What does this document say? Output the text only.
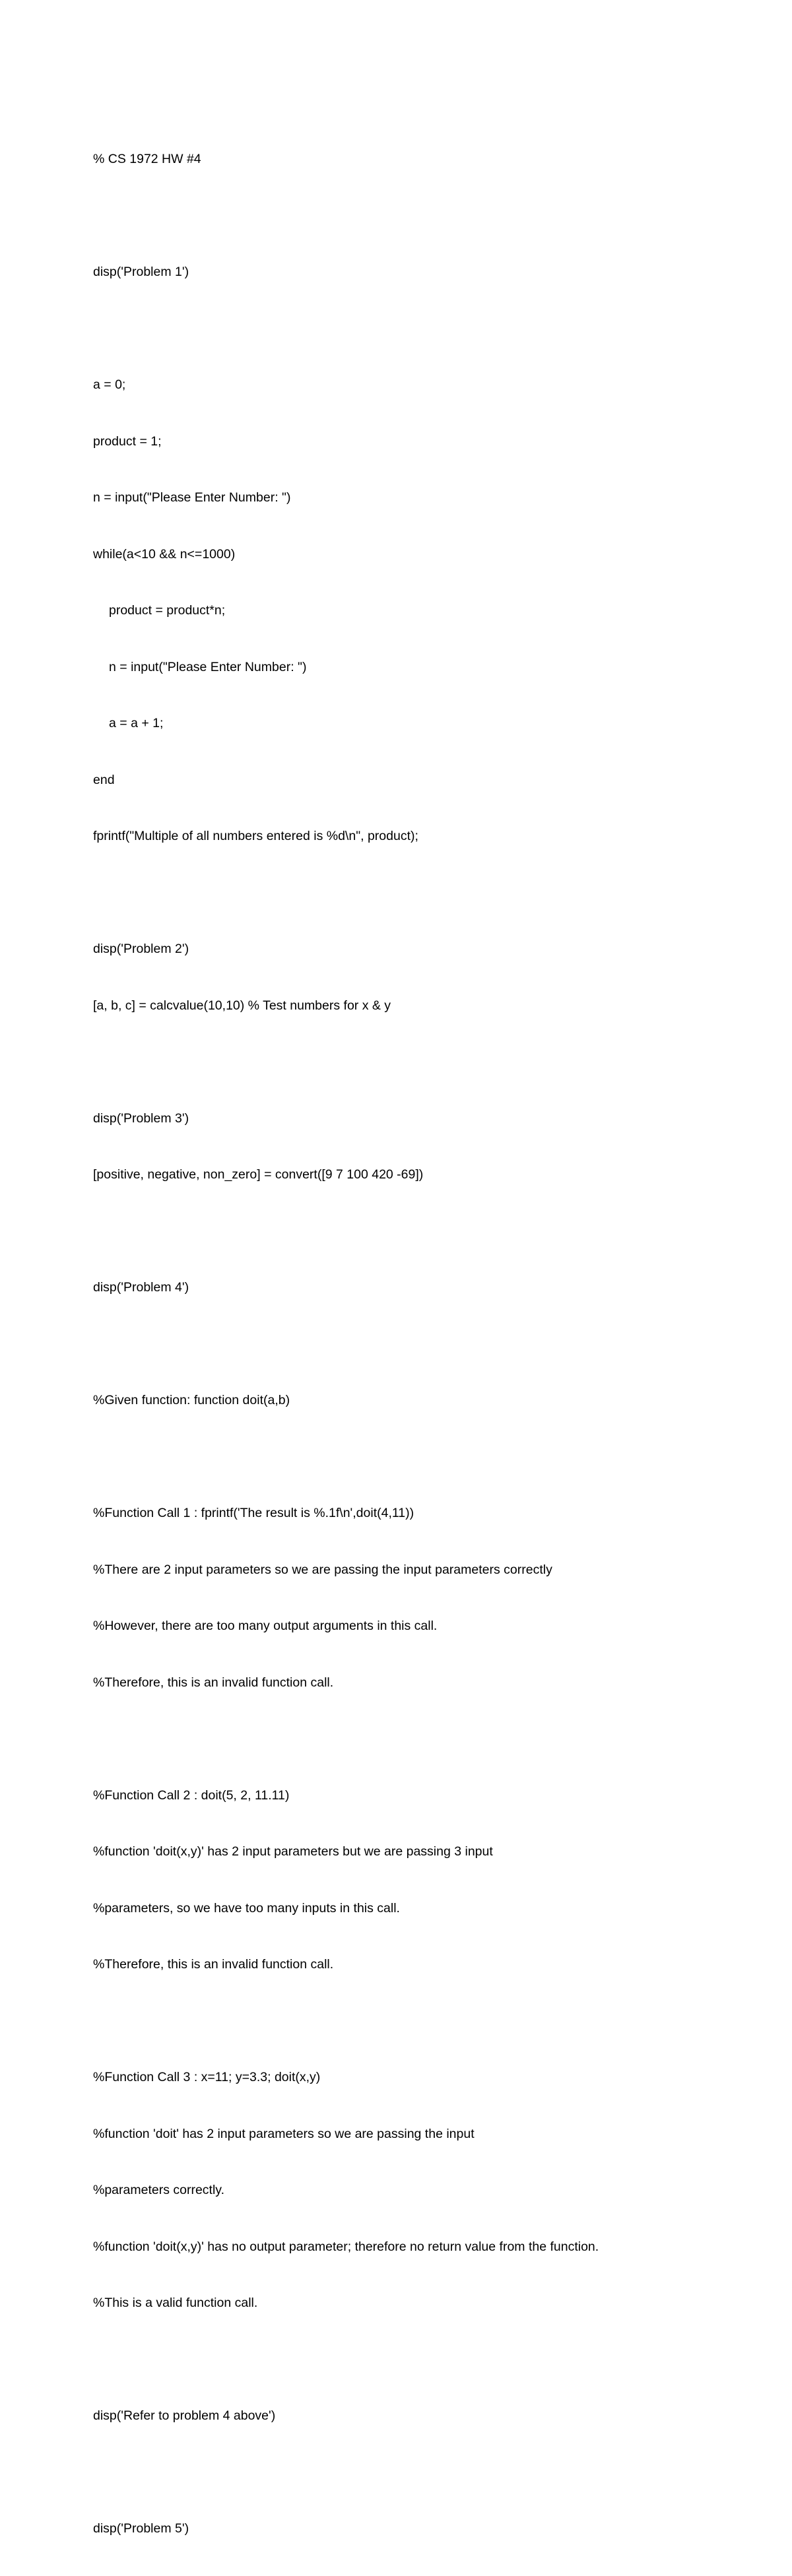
% CS 1972 HW #4

disp('Problem 1')

a = 0;

product = 1;

n = input("Please Enter Number: ")

while(a<10 && n<=1000)

product = product*n;

n = input("Please Enter Number: ")

a = a + 1;

end

fprintf("Multiple of all numbers entered is %d\n", product);

disp('Problem 2')

[a, b, c] = calcvalue(10,10) % Test numbers for x & y

disp('Problem 3')

[positive, negative, non_zero] = convert([9 7 100 420 -69])

disp('Problem 4')

%Given function: function doit(a,b)

%Function Call 1 : fprintf('The result is %.1f\n',doit(4,11))

%There are 2 input parameters so we are passing the input parameters correctly

%However, there are too many output arguments in this call.

%Therefore, this is an invalid function call.

%Function Call 2 : doit(5, 2, 11.11)

%function 'doit(x,y)' has 2 input parameters but we are passing 3 input

%parameters, so we have too many inputs in this call.

%Therefore, this is an invalid function call.

%Function Call 3 : x=11; y=3.3; doit(x,y)

%function 'doit' has 2 input parameters so we are passing the input

%parameters correctly.

%function 'doit(x,y)' has no output parameter; therefore no return value from the function.

%This is a valid function call.

disp('Refer to problem 4 above')

disp('Problem 5')
